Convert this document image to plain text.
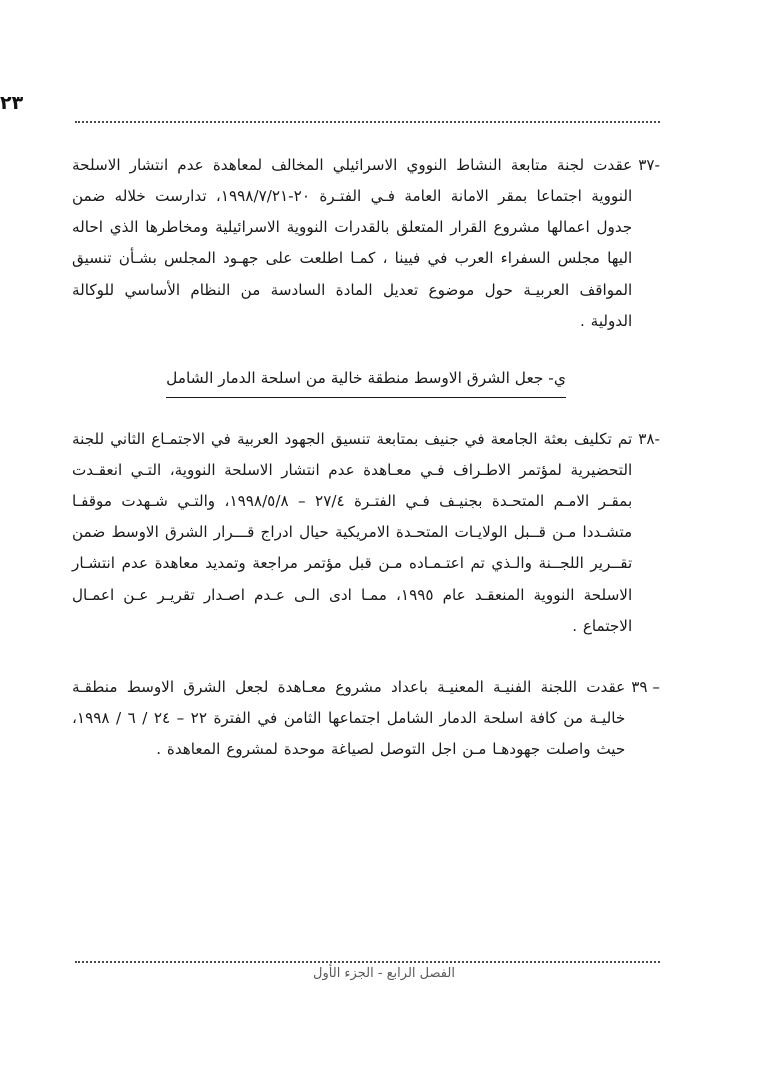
٢٣
-٣٧
عقدت لجنة متابعة النشاط النووي الاسرائيلي المخالف لمعاهدة عدم انتشار الاسلحة النووية اجتماعا بمقر الامانة العامة فـي الفتـرة ٢٠-١٩٩٨/٧/٢١، تدارست خلاله ضمن جدول اعمالها مشروع القرار المتعلق بالقدرات النووية الاسرائيلية ومخاطرها الذي احاله اليها مجلس السفراء العرب في فيينا ، كمـا اطلعت على جهـود المجلس بشـأن تنسيق المواقف العربيـة حول موضوع تعديل المادة السادسة من النظام الأساسي للوكالة الدولية .
ي- جعل الشرق الاوسط منطقة خالية من اسلحة الدمار الشامل
-٣٨
تم تكليف بعثة الجامعة في جنيف بمتابعة تنسيق الجهود العربية في الاجتمـاع الثاني للجنة التحضيرية لمؤتمر الاطـراف فـي معـاهدة عدم انتشار الاسلحة النووية، التـي انعقـدت بمقـر الامـم المتحـدة بجنيـف فـي الفتـرة ٢٧/٤ – ١٩٩٨/٥/٨، والتـي شـهدت موقفـا متشـددا مـن قــبل الولايـات المتحـدة الامريكية حيال ادراج قـــرار الشرق الاوسط ضمن تقــرير اللجــنة والـذي تم اعتـمـاده مـن قبل مؤتمر مراجعة وتمديد معاهدة عدم انتشـار الاسلحة النووية المنعقـد عام ١٩٩٥، ممـا ادى الـى عـدم اصـدار تقريـر عـن اعمـال الاجتماع .
– ٣٩
عقدت اللجنة الفنيـة المعنيـة باعداد مشروع معـاهدة لجعل الشرق الاوسط منطقـة خاليـة من كافة اسلحة الدمار الشامل اجتماعها الثامن في الفترة ٢٢ – ٢٤ / ٦ / ١٩٩٨، حيث واصلت جهودهـا مـن اجل التوصل لصياغة موحدة لمشروع المعاهدة .
الفصل الرابع - الجزء الأول
